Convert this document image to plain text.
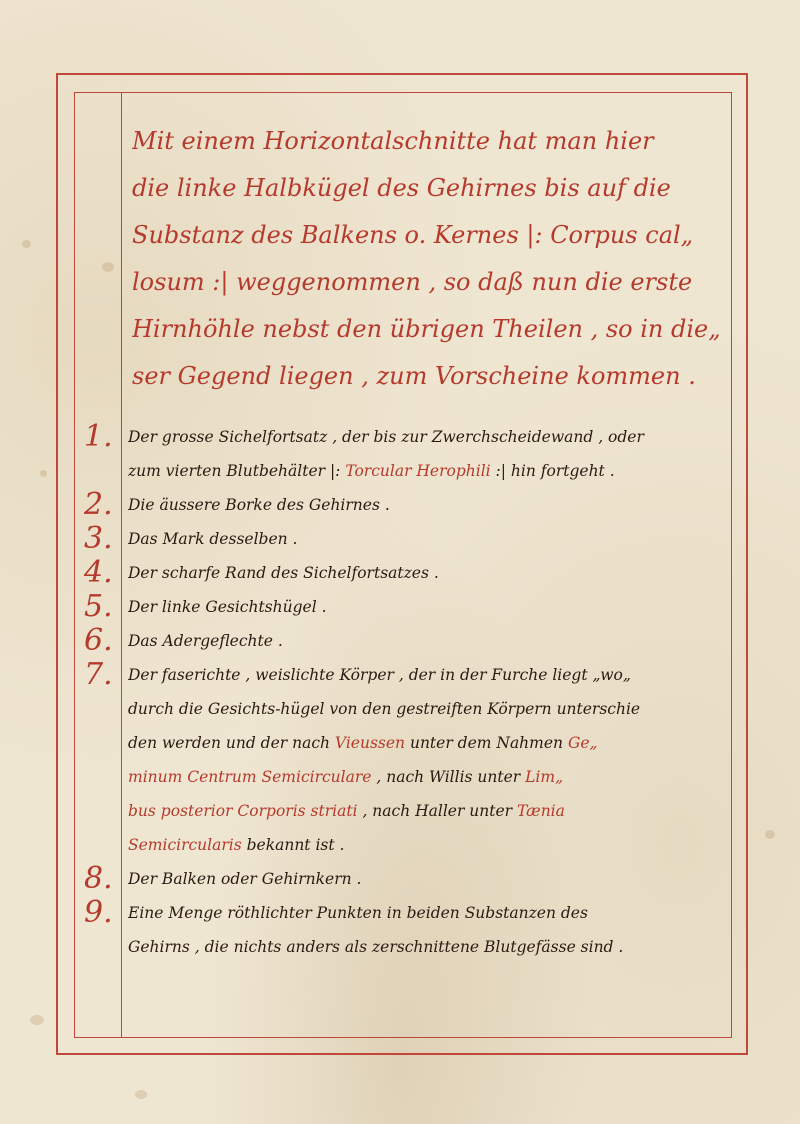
Mit einem Horizontalschnitte hat man hier
die linke Halbkügel des Gehirnes bis auf die
Substanz des Balkens o. Kernes |: Corpus cal„
losum :| weggenommen , so daß nun die erste
Hirnhöhle nebst den übrigen Theilen , so in die„
ser Gegend liegen , zum Vorscheine kommen .
1. Der grosse Sichelfortsatz , der bis zur Zwerchscheidewand , oder
zum vierten Blutbehälter |: Torcular Herophili :| hin fortgeht .
2. Die äussere Borke des Gehirnes .
3. Das Mark desselben .
4. Der scharfe Rand des Sichelfortsatzes .
5. Der linke Gesichtshügel .
6. Das Adergeflechte .
7. Der faserichte , weislichte Körper , der in der Furche liegt „wo„
durch die Gesichts-hügel von den gestreiften Körpern unterschie
den werden und der nach Vieussen unter dem Nahmen Ge„
minum Centrum Semicirculare , nach Willis unter Lim„
bus posterior Corporis striati , nach Haller unter Tænia
Semicircularis bekannt ist .
8. Der Balken oder Gehirnkern .
9. Eine Menge röthlichter Punkten in beiden Substanzen des
Gehirns , die nichts anders als zerschnittene Blutgefässe sind .
